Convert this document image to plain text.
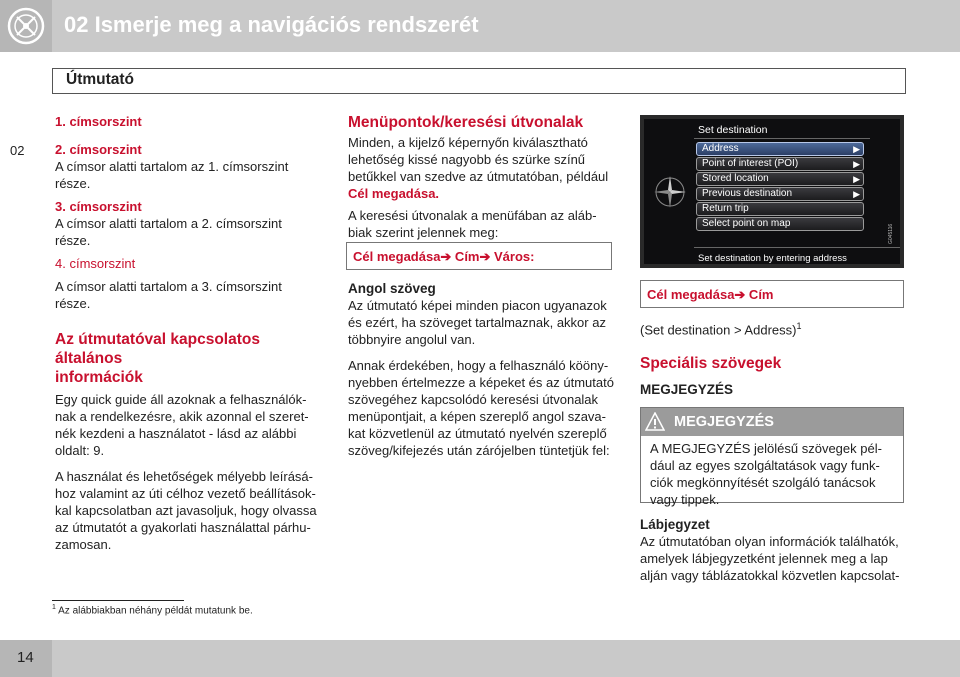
02 Ismerje meg a navigációs rendszerét
Útmutató
02
1. címsorszint
2. címsorszint
A címsor alatti tartalom az 1. címsorszint
része.
3. címsorszint
A címsor alatti tartalom a 2. címsorszint
része.
4. címsorszint
A címsor alatti tartalom a 3. címsorszint
része.
Az útmutatóval kapcsolatos általános
információk
Egy quick guide áll azoknak a felhasználók-
nak a rendelkezésre, akik azonnal el szeret-
nék kezdeni a használatot - lásd az alábbi
oldalt: 9.
A használat és lehetőségek mélyebb leírásá-
hoz valamint az úti célhoz vezető beállítások-
kal kapcsolatban azt javasoljuk, hogy olvassa
az útmutatót a gyakorlati használattal párhu-
zamosan.
Menüpontok/keresési útvonalak
Minden, a kijelző képernyőn kiválasztható
lehetőség kissé nagyobb és szürke színű
betűkkel van szedve az útmutatóban, például
Cél megadása.
A keresési útvonalak a menüfában az aláb-
biak szerint jelennek meg:
Cél megadása➔ Cím➔ Város:
Angol szöveg
Az útmutató képei minden piacon ugyanazok
és ezért, ha szöveget tartalmaznak, akkor az
többnyire angolul van.
Annak érdekében, hogy a felhasználó kööny-
nyebben értelmezze a képeket és az útmutató
szövegéhez kapcsolódó keresési útvonalak
menüpontjait, a képen szereplő angol szava-
kat közvetlenül az útmutató nyelvén szereplő
szöveg/kifejezés után zárójelben tüntetjük fel:
Set destination
Address	▶
Point of interest (POI)	▶
Stored location	▶
Previous destination	▶
Return trip
Select point on map
Set destination by entering address
G045116
Cél megadása➔ Cím
(Set destination > Address)$^1$
Speciális szövegek
MEGJEGYZÉS
MEGJEGYZÉS
A MEGJEGYZÉS jelölésű szövegek pél-
dául az egyes szolgáltatások vagy funk-
ciók megkönnyítését szolgáló tanácsok
vagy tippek.
Lábjegyzet
Az útmutatóban olyan információk találhatók,
amelyek lábjegyzetként jelennek meg a lap
alján vagy táblázatokkal közvetlen kapcsolat-
$^1$ Az alábbiakban néhány példát mutatunk be.
14
